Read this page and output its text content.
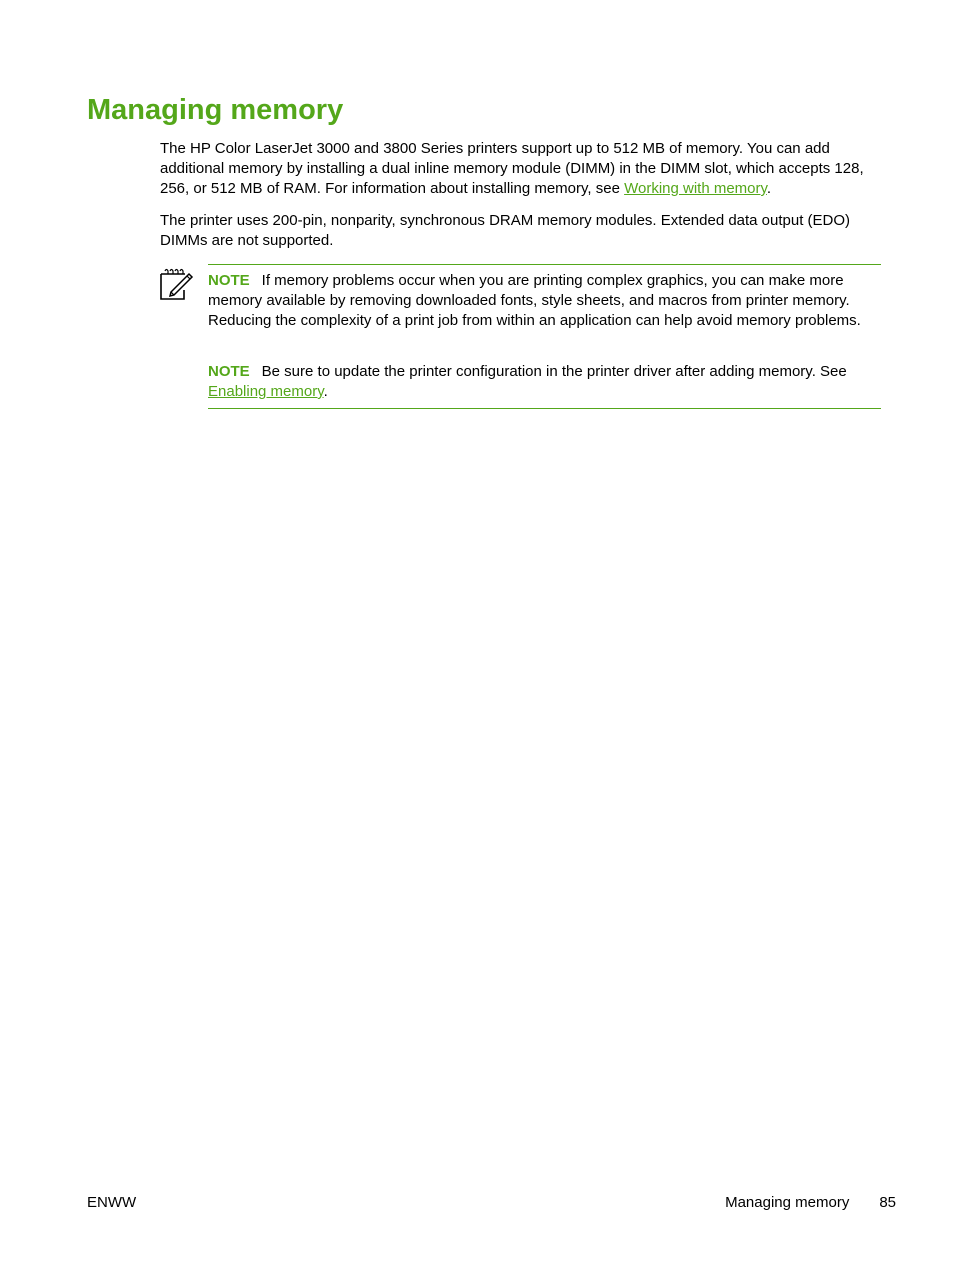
Managing memory

The HP Color LaserJet 3000 and 3800 Series printers support up to 512 MB of memory. You can add additional memory by installing a dual inline memory module (DIMM) in the DIMM slot, which accepts 128, 256, or 512 MB of RAM. For information about installing memory, see Working with memory.

The printer uses 200-pin, nonparity, synchronous DRAM memory modules. Extended data output (EDO) DIMMs are not supported.

NOTE If memory problems occur when you are printing complex graphics, you can make more memory available by removing downloaded fonts, style sheets, and macros from printer memory. Reducing the complexity of a print job from within an application can help avoid memory problems.

NOTE Be sure to update the printer configuration in the printer driver after adding memory. See Enabling memory.

ENWW	Managing memory 85
